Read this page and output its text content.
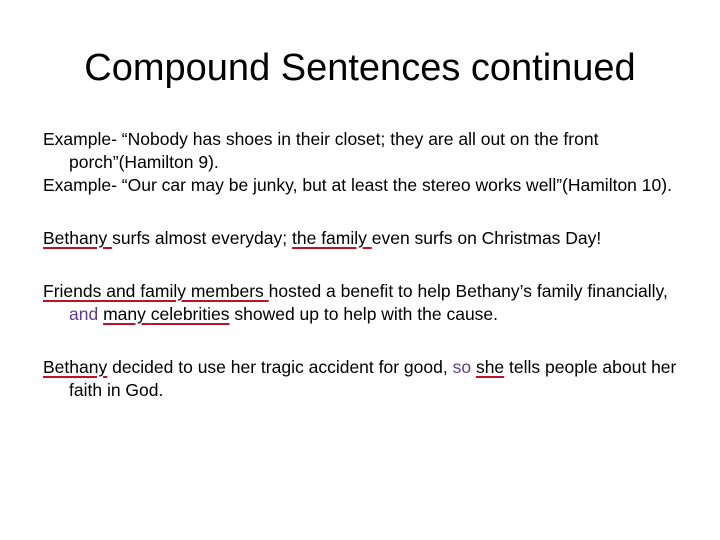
Compound Sentences continued

Example- “Nobody has shoes in their closet; they are all out on the front porch”(Hamilton 9).

Example- “Our car may be junky, but at least the stereo works well”(Hamilton 10).

Bethany surfs almost everyday; the family even surfs on Christmas Day!

Friends and family members hosted a benefit to help Bethany’s family financially, and many celebrities showed up to help with the cause.

Bethany decided to use her tragic accident for good, so she tells people about her faith in God.
